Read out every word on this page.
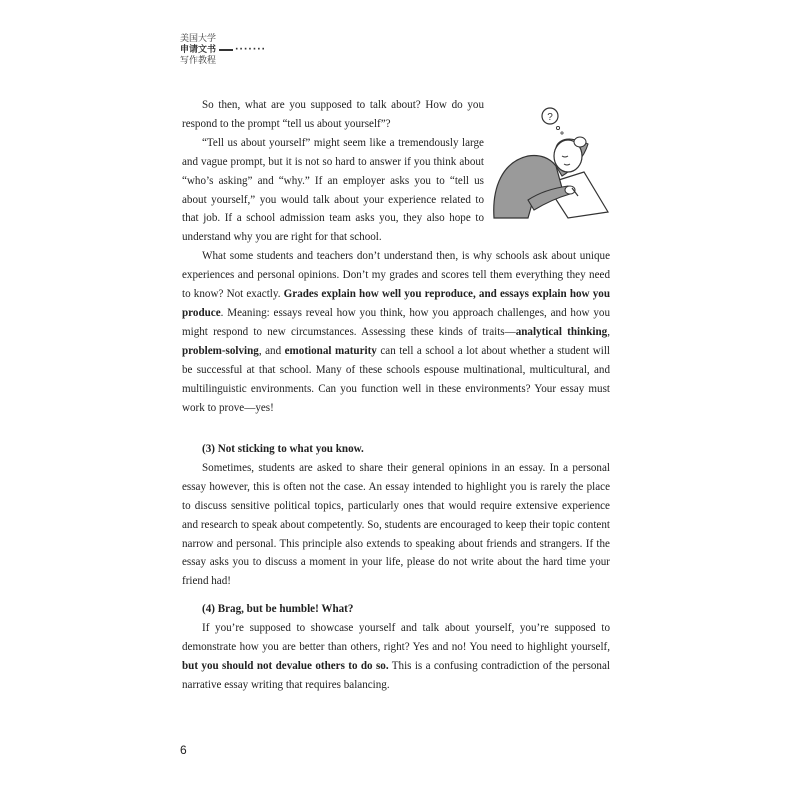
美国大学
申请文书 ·······
写作教程
?

So then, what are you supposed to talk about? How do you respond to the prompt “tell us about yourself”?

“Tell us about yourself” might seem like a tremendously large and vague prompt, but it is not so hard to answer if you think about “who’s asking” and “why.” If an employer asks you to “tell us about yourself,” you would talk about your experience related to that job. If a school admission team asks you, they also hope to understand why you are right for that school.

What some students and teachers don’t understand then, is why schools ask about unique experiences and personal opinions. Don’t my grades and scores tell them everything they need to know? Not exactly. Grades explain how well you reproduce, and essays explain how you produce. Meaning: essays reveal how you think, how you approach challenges, and how you might respond to new circumstances. Assessing these kinds of traits—analytical thinking, problem-solving, and emotional maturity can tell a school a lot about whether a student will be successful at that school. Many of these schools espouse multinational, multicultural, and multilinguistic environments. Can you function well in these environments? Your essay must work to prove—yes!

(3) Not sticking to what you know.

Sometimes, students are asked to share their general opinions in an essay. In a personal essay however, this is often not the case. An essay intended to highlight you is rarely the place to discuss sensitive political topics, particularly ones that would require extensive experience and research to speak about competently. So, students are encouraged to keep their topic content narrow and personal. This principle also extends to speaking about friends and strangers. If the essay asks you to discuss a moment in your life, please do not write about the hard time your friend had!

(4) Brag, but be humble! What?

If you’re supposed to showcase yourself and talk about yourself, you’re supposed to demonstrate how you are better than others, right? Yes and no! You need to highlight yourself, but you should not devalue others to do so. This is a confusing contradiction of the personal narrative essay writing that requires balancing.

6
